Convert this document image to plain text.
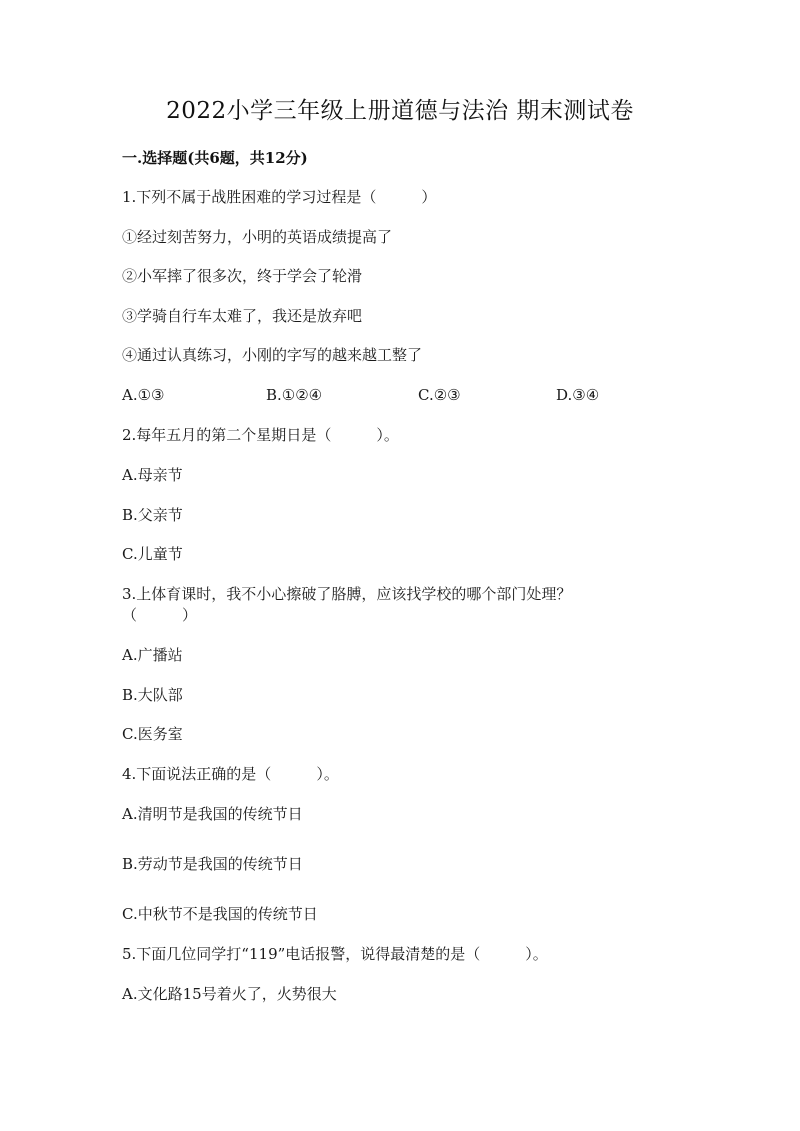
2022小学三年级上册道德与法治 期末测试卷
一.选择题(共6题，共12分)
1.下列不属于战胜困难的学习过程是（　　　）
①经过刻苦努力，小明的英语成绩提高了
②小军摔了很多次，终于学会了轮滑
③学骑自行车太难了，我还是放弃吧
④通过认真练习，小刚的字写的越来越工整了
A.①③	B.①②④	C.②③	D.③④
2.每年五月的第二个星期日是（　　　）。
A.母亲节
B.父亲节
C.儿童节
3.上体育课时，我不小心擦破了胳膊，应该找学校的哪个部门处理？
（　　　）
A.广播站
B.大队部
C.医务室
4.下面说法正确的是（　　　）。
A.清明节是我国的传统节日
B.劳动节是我国的传统节日
C.中秋节不是我国的传统节日
5.下面几位同学打“119”电话报警，说得最清楚的是（　　　）。
A.文化路15号着火了，火势很大
